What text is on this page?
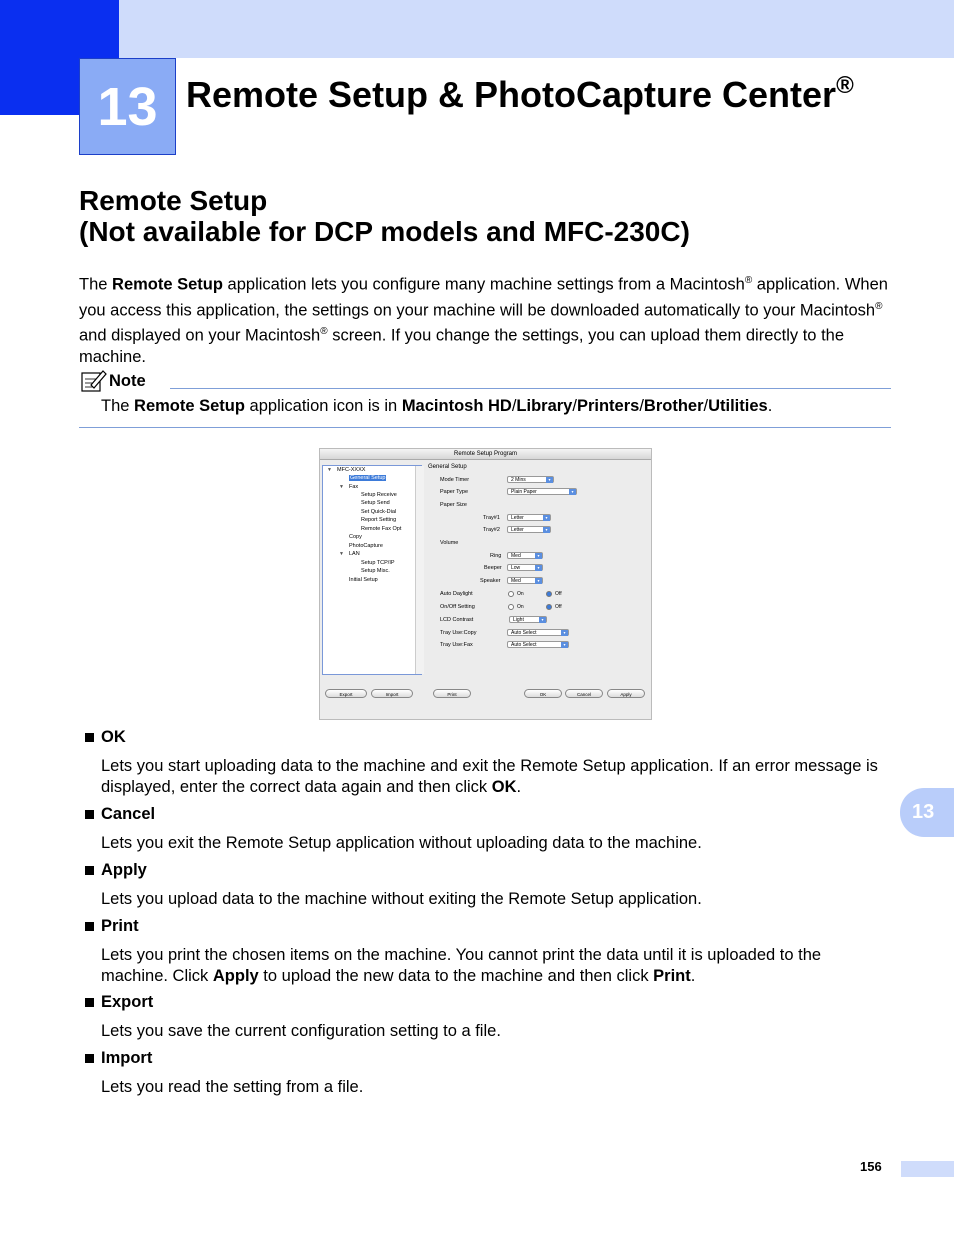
13 Remote Setup & PhotoCapture Center®
Remote Setup
(Not available for DCP models and MFC-230C)
The Remote Setup application lets you configure many machine settings from a Macintosh® application. When you access this application, the settings on your machine will be downloaded automatically to your Macintosh® and displayed on your Macintosh® screen. If you change the settings, you can upload them directly to the machine.
Note
The Remote Setup application icon is in Macintosh HD/Library/Printers/Brother/Utilities.
Remote Setup Program
▼ MFC-XXXX
General Setup
▼ Fax
Setup Receive
Setup Send
Set Quick-Dial
Report Setting
Remote Fax Opt
Copy
PhotoCapture
▼ LAN
Setup TCP/IP
Setup Misc.
Initial Setup
General Setup
Mode Timer	2 Mins	▾
Paper Type	Plain Paper	▾
Paper Size
Tray#1	Letter	▾
Tray#2	Letter	▾
Volume
Ring	Med	▾
Beeper	Low	▾
Speaker	Med	▾
Auto Daylight	On	Off
On/Off Setting	On	Off
LCD Contrast	Light	▾
Tray Use:Copy	Auto Select	▾
Tray Use:Fax	Auto Select	▾
Export	Import	Print	OK	Cancel	Apply
OK
Lets you start uploading data to the machine and exit the Remote Setup application. If an error message is displayed, enter the correct data again and then click OK.
Cancel
Lets you exit the Remote Setup application without uploading data to the machine.
Apply
Lets you upload data to the machine without exiting the Remote Setup application.
Print
Lets you print the chosen items on the machine. You cannot print the data until it is uploaded to the machine. Click Apply to upload the new data to the machine and then click Print.
Export
Lets you save the current configuration setting to a file.
Import
Lets you read the setting from a file.
13
156
